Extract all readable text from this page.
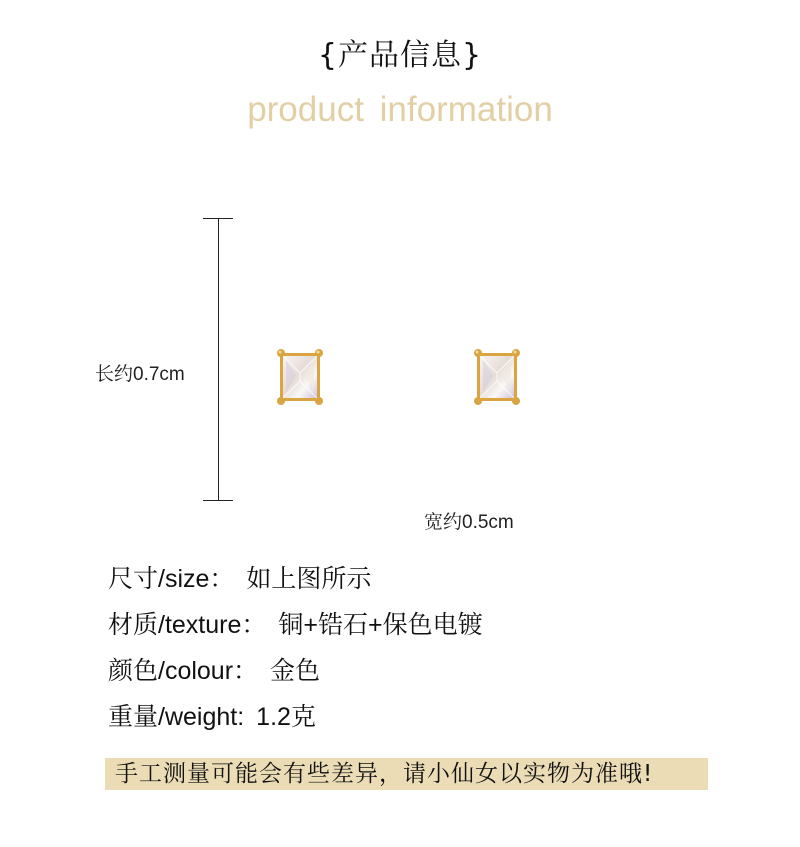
{产品信息}
product information
长约0.7cm
宽约0.5cm
尺寸/size： 如上图所示
材质/texture： 铜+锆石+保色电镀
颜色/colour： 金色
重量/weight: 1.2克
手工测量可能会有些差异，请小仙女以实物为准哦!
